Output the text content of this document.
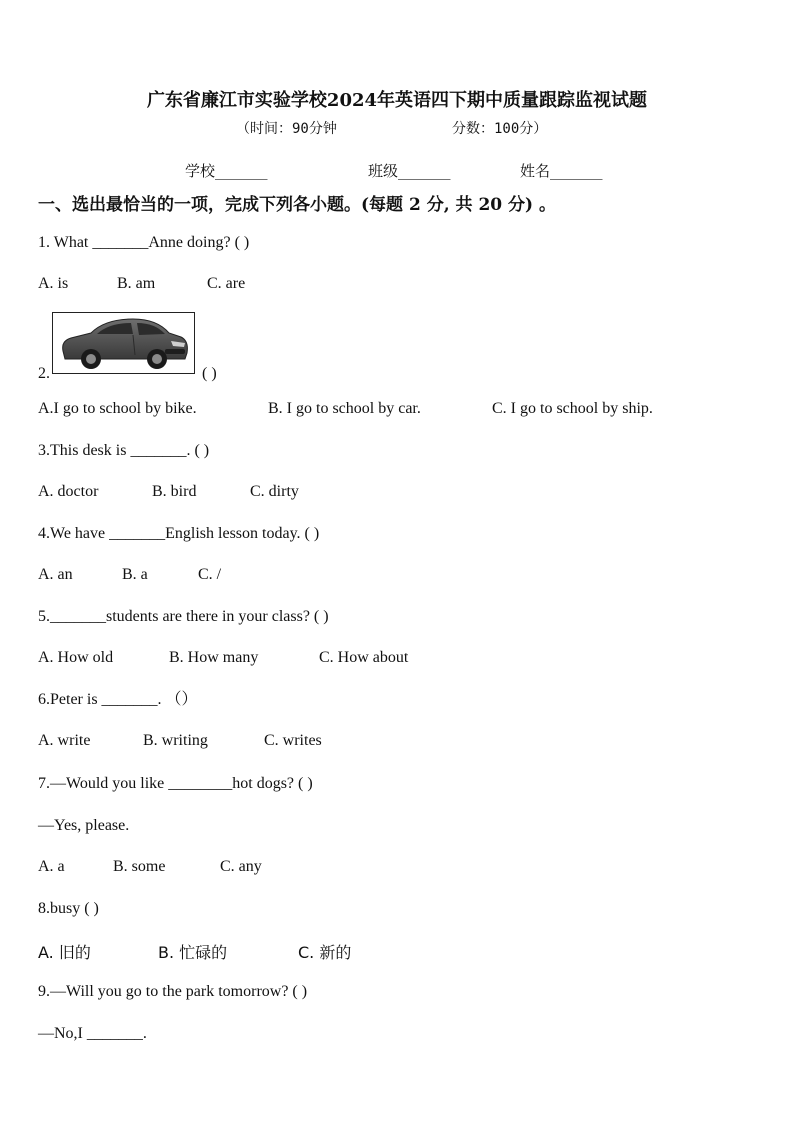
广东省廉江市实验学校2024年英语四下期中质量跟踪监视试题
（时间：90分钟	分数：100分）
学校_______	班级_______	姓名_______
一、选出最恰当的一项，完成下列各小题。(每题 2 分, 共 20 分) 。
1. What _______Anne doing? ( )
A. is	B. am	C. are
2.	( )
A.I go to school by bike.	B. I go to school by car.	C. I go to school by ship.
3.This desk is _______. ( )
A. doctor	B. bird	C. dirty
4.We have _______English lesson today. ( )
A. an	B. a	C. /
5._______students are there in your class? ( )
A. How old	B. How many	C. How about
6.Peter is _______. （）
A. write	B. writing	C. writes
7.—Would you like ________hot dogs? ( )
—Yes, please.
A. a	B. some	C. any
8.busy ( )
A. 旧的	B. 忙碌的	C. 新的
9.—Will you go to the park tomorrow? ( )
—No,I _______.
